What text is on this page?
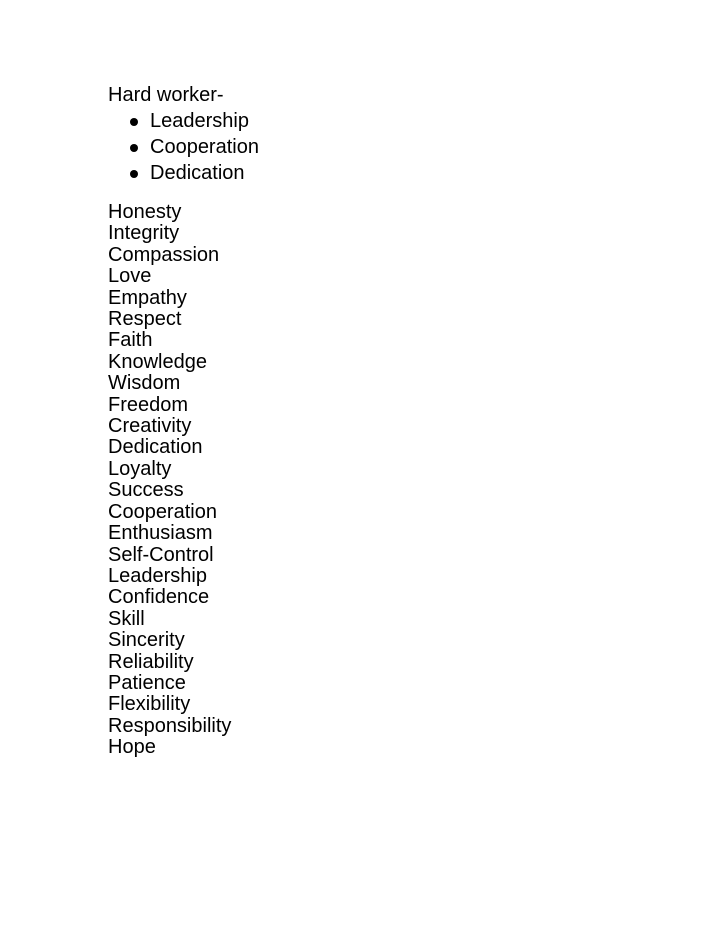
Hard worker-

Leadership
Cooperation
Dedication
Honesty
Integrity
Compassion
Love
Empathy
Respect
Faith
Knowledge
Wisdom
Freedom
Creativity
Dedication
Loyalty
Success
Cooperation
Enthusiasm
Self-Control
Leadership
Confidence
Skill
Sincerity
Reliability
Patience
Flexibility
Responsibility
Hope
